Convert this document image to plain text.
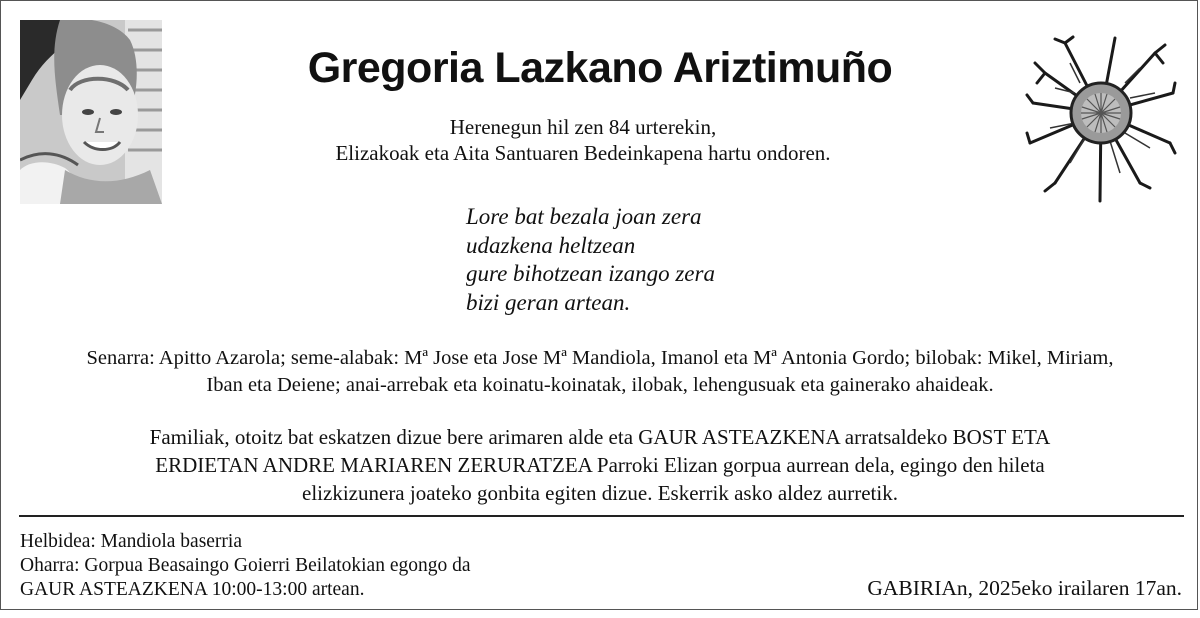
Gregoria Lazkano Ariztimuño
Herenegun hil zen 84 urterekin,
Elizakoak eta Aita Santuaren Bedeinkapena hartu ondoren.
Lore bat bezala joan zera
udazkena heltzean
gure bihotzean izango zera
bizi geran artean.
Senarra: Apitto Azarola; seme-alabak: Mª Jose eta Jose Mª Mandiola, Imanol eta Mª Antonia Gordo; bilobak: Mikel, Miriam,
Iban eta Deiene; anai-arrebak eta koinatu-koinatak, ilobak, lehengusuak eta gainerako ahaideak.
Familiak, otoitz bat eskatzen dizue bere arimaren alde eta GAUR ASTEAZKENA arratsaldeko BOST ETA
ERDIETAN ANDRE MARIAREN ZERURATZEA Parroki Elizan gorpua aurrean dela, egingo den hileta
elizkizunera joateko gonbita egiten dizue. Eskerrik asko aldez aurretik.
Helbidea: Mandiola baserria
Oharra: Gorpua Beasaingo Goierri Beilatokian egongo da
GAUR ASTEAZKENA 10:00-13:00 artean.	GABIRIAn, 2025eko irailaren 17an.
